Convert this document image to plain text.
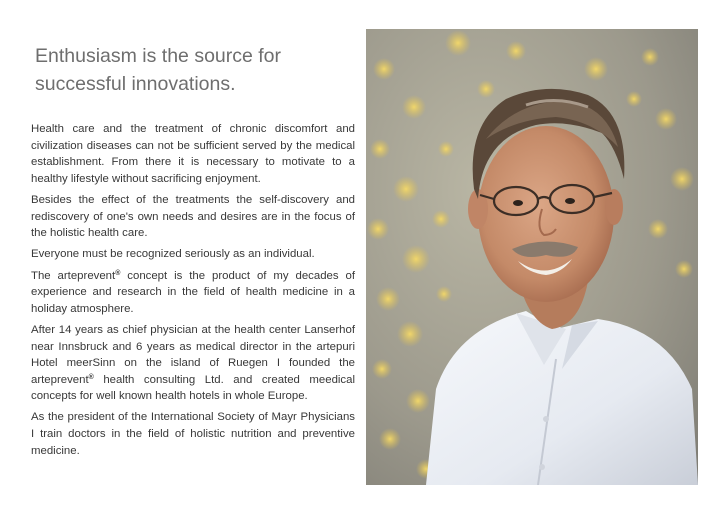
Enthusiasm is the source for
successful innovations.

Health care and the treatment of chronic discomfort and civilization diseases can not be sufficient served by the medical establishment. From there it is necessary to motivate to a healthy lifestyle without sacrificing enjoyment.

Besides the effect of the treatments the self-discovery and rediscovery of one's own needs and desires are in the focus of the holistic health care.

Everyone must be recognized seriously as an individual.

The arteprevent® concept is the product of my decades of experience and research in the field of health medicine in a holiday atmosphere.

After 14 years as chief physician at the health center Lanserhof near Innsbruck and 6 years as medical director in the artepuri Hotel meerSinn on the island of Ruegen I founded the arteprevent® health consulting Ltd. and created meedical concepts for well known health hotels in whole Europe.

As the president of the International Society of Mayr Physicians I train doctors in the field of holistic nutrition and preventive medicine.
